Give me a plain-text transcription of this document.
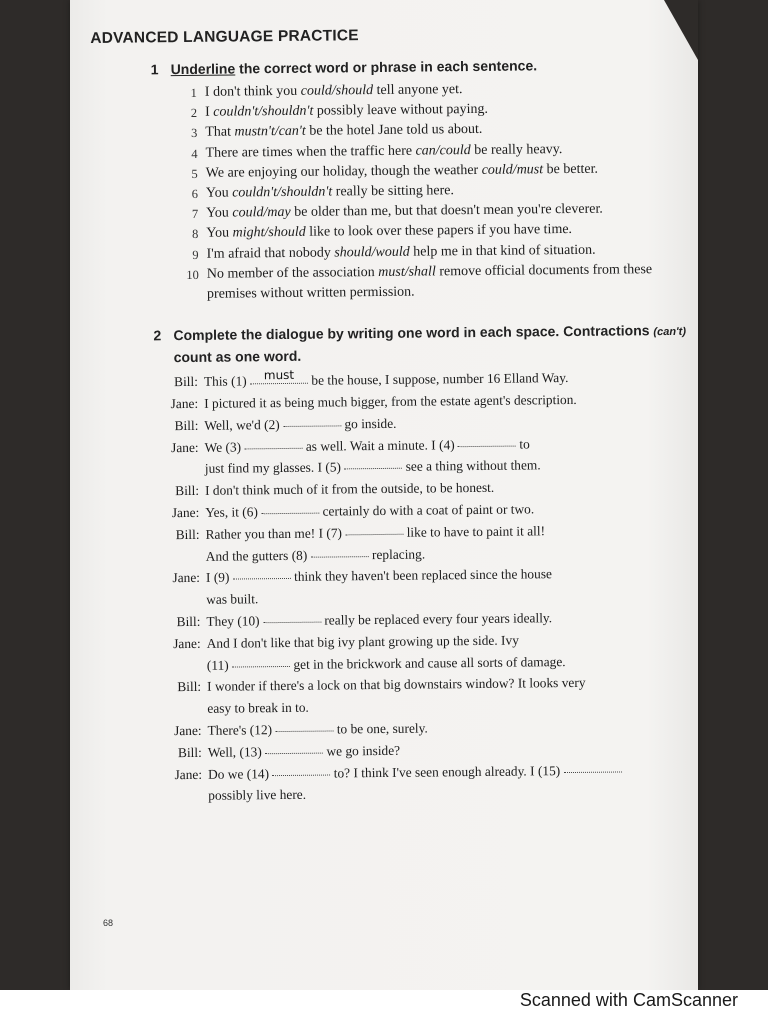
ADVANCED LANGUAGE PRACTICE
1 Underline the correct word or phrase in each sentence.
1 I don't think you could/should tell anyone yet.
2 I couldn't/shouldn't possibly leave without paying.
3 That mustn't/can't be the hotel Jane told us about.
4 There are times when the traffic here can/could be really heavy.
5 We are enjoying our holiday, though the weather could/must be better.
6 You couldn't/shouldn't really be sitting here.
7 You could/may be older than me, but that doesn't mean you're cleverer.
8 You might/should like to look over these papers if you have time.
9 I'm afraid that nobody should/would help me in that kind of situation.
10 No member of the association must/shall remove official documents from these premises without written permission.
2 Complete the dialogue by writing one word in each space. Contractions (can't) count as one word.
Bill: This (1) must be the house, I suppose, number 16 Elland Way.
Jane: I pictured it as being much bigger, from the estate agent's description.
Bill: Well, we'd (2)	go inside.
Jane: We (3)	as well. Wait a minute. I (4)	to
just find my glasses. I (5)	see a thing without them.
Bill: I don't think much of it from the outside, to be honest.
Jane: Yes, it (6)	certainly do with a coat of paint or two.
Bill: Rather you than me! I (7)	like to have to paint it all!
And the gutters (8)	replacing.
Jane: I (9)	think they haven't been replaced since the house
was built.
Bill: They (10)	really be replaced every four years ideally.
Jane: And I don't like that big ivy plant growing up the side. Ivy
(11)	get in the brickwork and cause all sorts of damage.
Bill: I wonder if there's a lock on that big downstairs window? It looks very
easy to break in to.
Jane: There's (12)	to be one, surely.
Bill: Well, (13)	we go inside?
Jane: Do we (14)	to? I think I've seen enough already. I (15)
possibly live here.
68
Scanned with CamScanner
